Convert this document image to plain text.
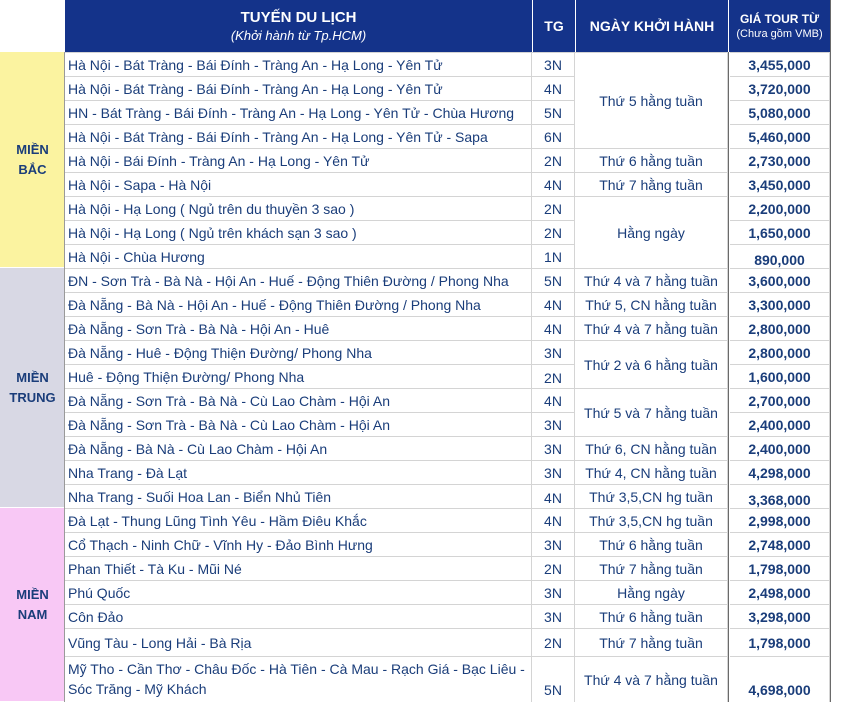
TUYẾN DU LỊCH
(Khởi hành từ Tp.HCM)
TG NGÀY KHỞI HÀNH GIÁ TOUR TỪ
(Chưa gồm VMB)
MIỀN
BẮC
MIỀN
TRUNG
MIỀN
NAM
Hà Nội - Bát Tràng - Bái Đính - Tràng An - Hạ Long - Yên Tử
Hà Nội - Bát Tràng - Bái Đính - Tràng An - Hạ Long - Yên Tử
HN - Bát Tràng - Bái Đính - Tràng An - Hạ Long - Yên Tử - Chùa Hương
Hà Nội - Bát Tràng - Bái Đính - Tràng An - Hạ Long - Yên Tử - Sapa
Hà Nội - Bái Đính - Tràng An - Hạ Long - Yên Tử
Hà Nội - Sapa - Hà Nội
Hà Nội - Hạ Long ( Ngủ trên du thuyền 3 sao )
Hà Nội - Hạ Long ( Ngủ trên khách sạn 3 sao )
Hà Nội - Chùa Hương
ĐN - Sơn Trà - Bà Nà - Hội An - Huế - Động Thiên Đường / Phong Nha
Đà Nẵng - Bà Nà - Hội An - Huế - Động Thiên Đường / Phong Nha
Đà Nẵng - Sơn Trà - Bà Nà - Hội An - Huê
Đà Nẵng - Huê - Động Thiện Đường/ Phong Nha
Huê - Động Thiện Đường/ Phong Nha
Đà Nẵng - Sơn Trà - Bà Nà - Cù Lao Chàm - Hội An
Đà Nẵng - Sơn Trà - Bà Nà - Cù Lao Chàm - Hội An
Đà Nẵng - Bà Nà - Cù Lao Chàm - Hội An
Nha Trang - Đà Lạt
Nha Trang - Suối Hoa Lan - Biển Nhủ Tiên
Đà Lạt - Thung Lũng Tình Yêu - Hầm Điêu Khắc
Cổ Thạch - Ninh Chữ - Vĩnh Hy - Đảo Bình Hưng
Phan Thiết - Tà Ku - Mũi Né
Phú Quốc
Côn Đảo
Vũng Tàu - Long Hải - Bà Rịa
Mỹ Tho - Cần Thơ - Châu Đốc - Hà Tiên - Cà Mau - Rạch Giá - Bạc Liêu - Sóc Trăng - Mỹ Khách
3N
4N
5N
6N
2N
4N
2N
2N
1N
5N
4N
4N
3N
2N
4N
3N
3N
3N
4N
4N
3N
2N
3N
3N
2N
5N
Thứ 5 hằng tuần
Thứ 6 hằng tuần
Thứ 7 hằng tuần
Hằng ngày
Thứ 4 và 7 hằng tuần
Thứ 5, CN hằng tuần
Thứ 4 và 7 hằng tuần
Thứ 2 và 6 hằng tuần
Thứ 5 và 7 hằng tuần
Thứ 6, CN hằng tuần
Thứ 4, CN hằng tuần
Thứ 3,5,CN hg tuần
Thứ 3,5,CN hg tuần
Thứ 6 hằng tuần
Thứ 7 hằng tuần
Hằng ngày
Thứ 6 hằng tuần
Thứ 7 hằng tuần
Thứ 4 và 7 hằng tuần
3,455,000
3,720,000
5,080,000
5,460,000
2,730,000
3,450,000
2,200,000
1,650,000
890,000
3,600,000
3,300,000
2,800,000
2,800,000
1,600,000
2,700,000
2,400,000
2,400,000
4,298,000
3,368,000
2,998,000
2,748,000
1,798,000
2,498,000
3,298,000
1,798,000
4,698,000
